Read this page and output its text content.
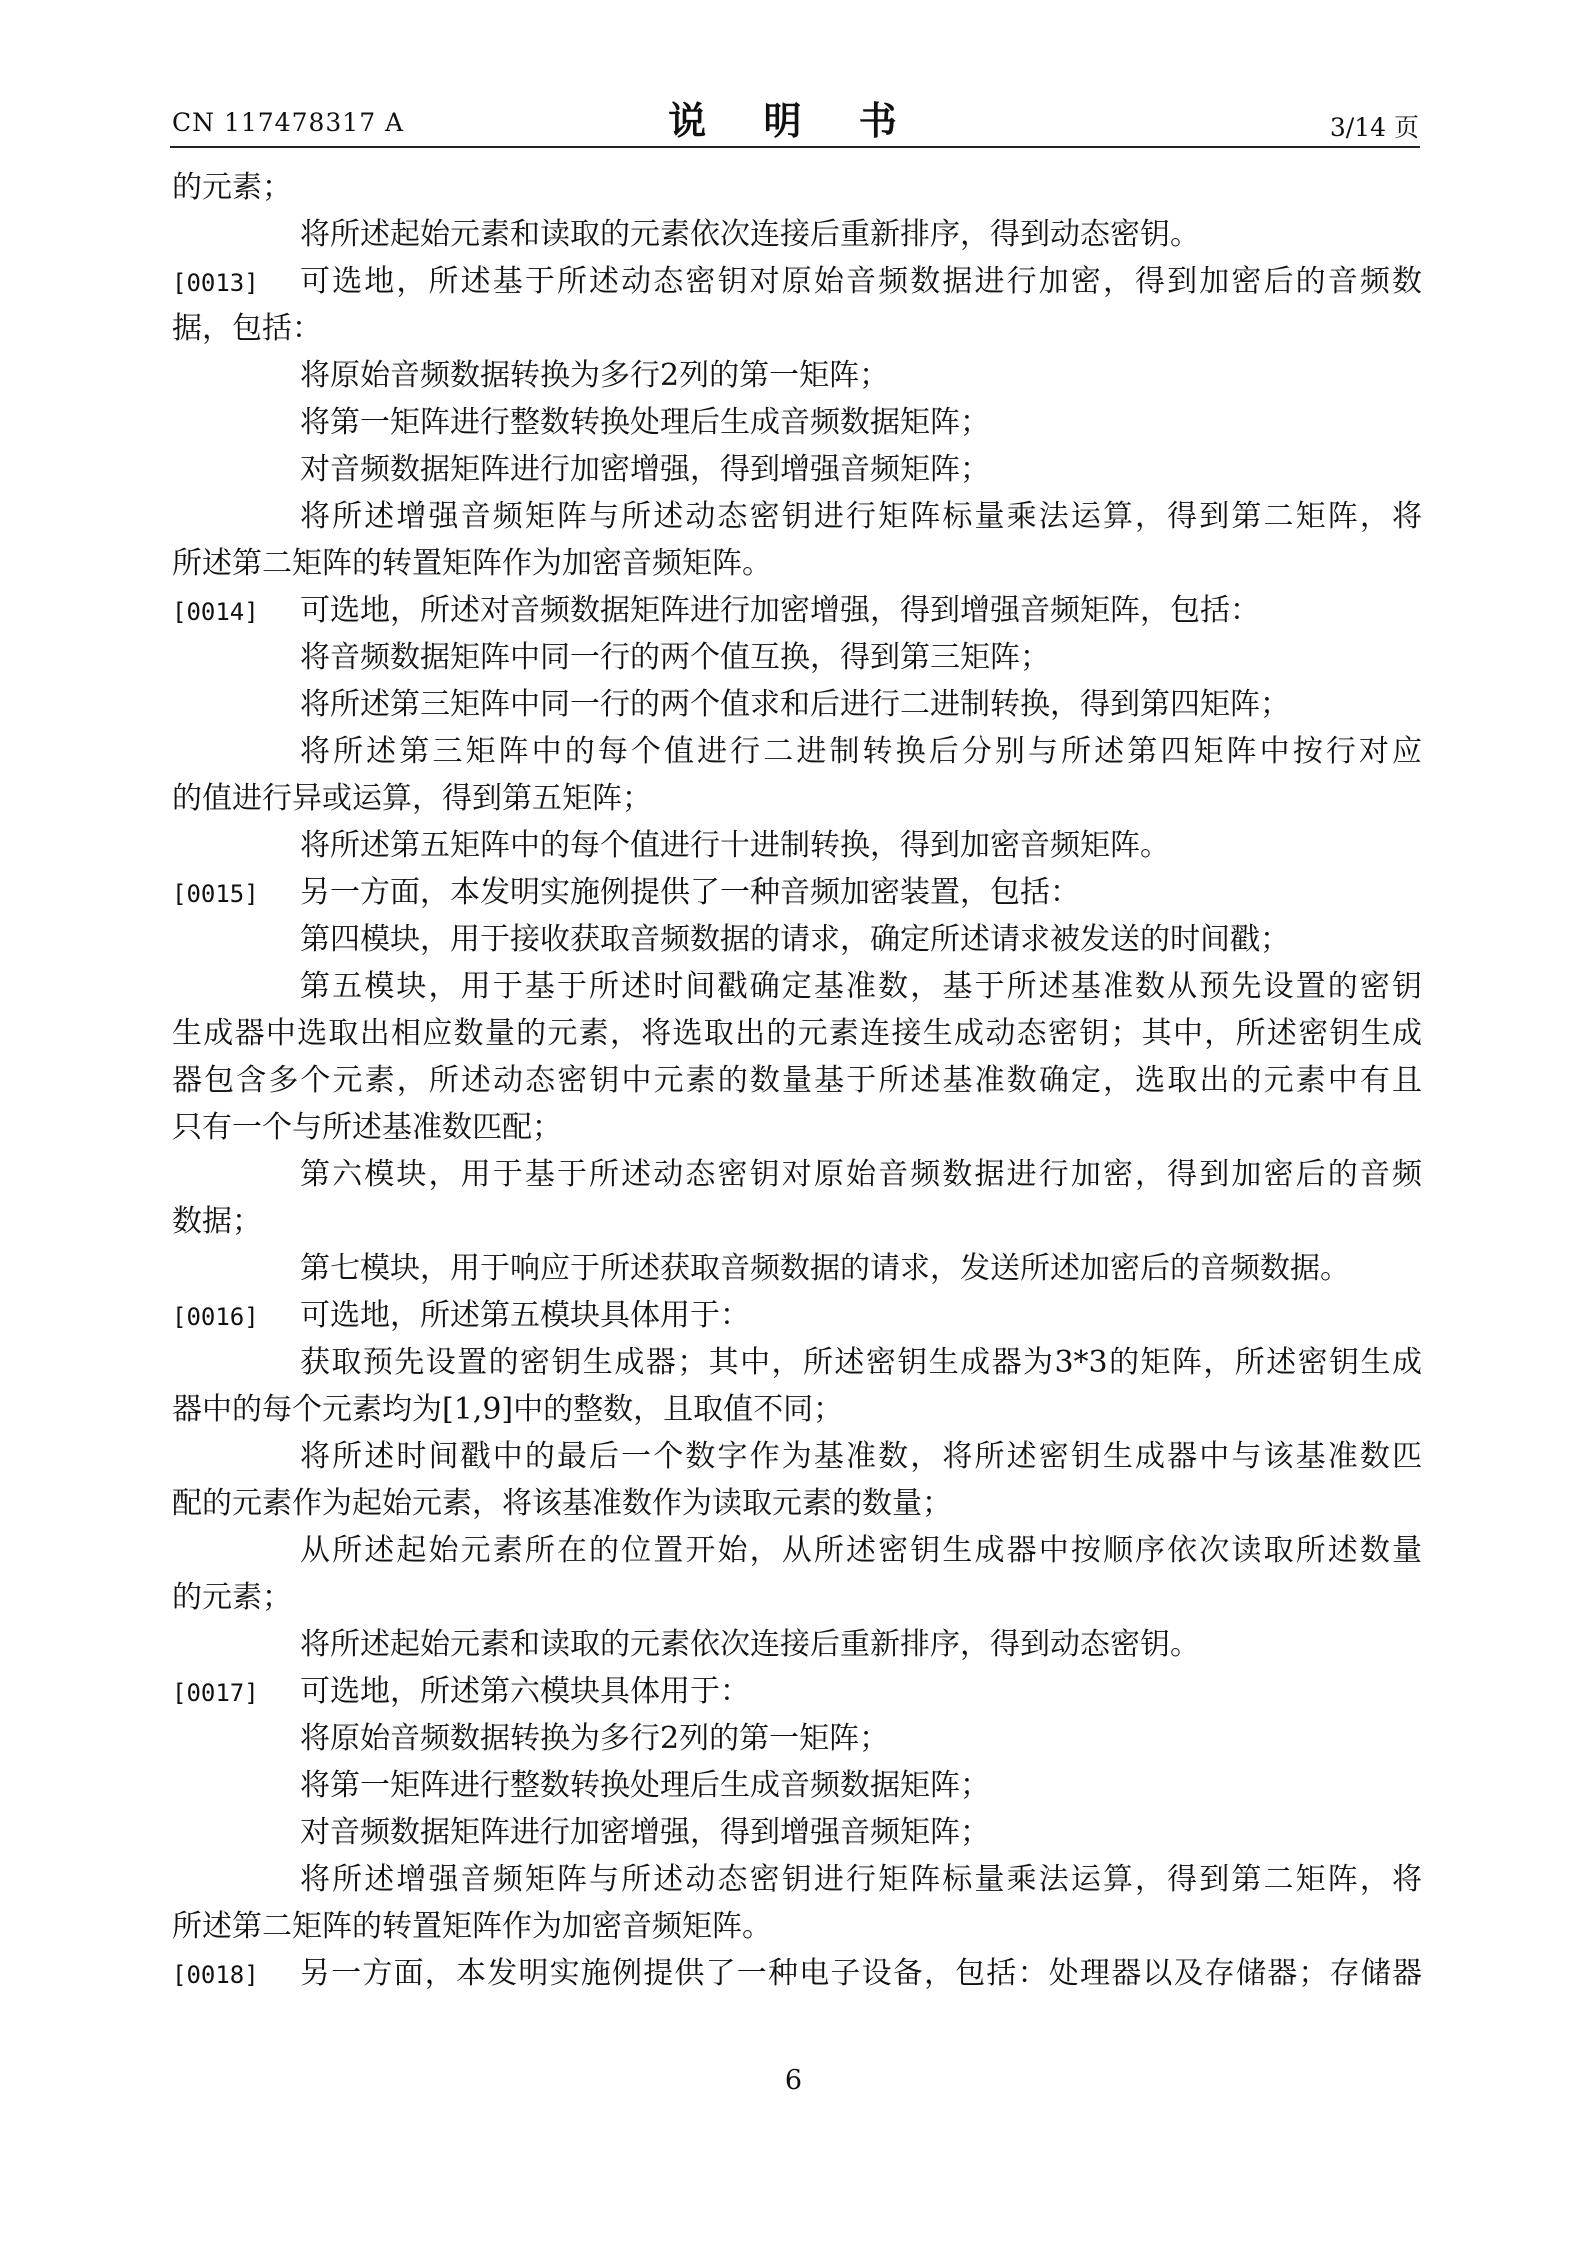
CN 117478317 A	说 明 书	3/14 页
的元素；
将所述起始元素和读取的元素依次连接后重新排序，得到动态密钥。
[0013]	可选地，所述基于所述动态密钥对原始音频数据进行加密，得到加密后的音频数
据，包括：
将原始音频数据转换为多行2列的第一矩阵；
将第一矩阵进行整数转换处理后生成音频数据矩阵；
对音频数据矩阵进行加密增强，得到增强音频矩阵；
将所述增强音频矩阵与所述动态密钥进行矩阵标量乘法运算，得到第二矩阵，将
所述第二矩阵的转置矩阵作为加密音频矩阵。
[0014]	可选地，所述对音频数据矩阵进行加密增强，得到增强音频矩阵，包括：
将音频数据矩阵中同一行的两个值互换，得到第三矩阵；
将所述第三矩阵中同一行的两个值求和后进行二进制转换，得到第四矩阵；
将所述第三矩阵中的每个值进行二进制转换后分别与所述第四矩阵中按行对应
的值进行异或运算，得到第五矩阵；
将所述第五矩阵中的每个值进行十进制转换，得到加密音频矩阵。
[0015]	另一方面，本发明实施例提供了一种音频加密装置，包括：
第四模块，用于接收获取音频数据的请求，确定所述请求被发送的时间戳；
第五模块，用于基于所述时间戳确定基准数，基于所述基准数从预先设置的密钥
生成器中选取出相应数量的元素，将选取出的元素连接生成动态密钥；其中，所述密钥生成
器包含多个元素，所述动态密钥中元素的数量基于所述基准数确定，选取出的元素中有且
只有一个与所述基准数匹配；
第六模块，用于基于所述动态密钥对原始音频数据进行加密，得到加密后的音频
数据；
第七模块，用于响应于所述获取音频数据的请求，发送所述加密后的音频数据。
[0016]	可选地，所述第五模块具体用于：
获取预先设置的密钥生成器；其中，所述密钥生成器为3*3的矩阵，所述密钥生成
器中的每个元素均为[1,9]中的整数，且取值不同；
将所述时间戳中的最后一个数字作为基准数，将所述密钥生成器中与该基准数匹
配的元素作为起始元素，将该基准数作为读取元素的数量；
从所述起始元素所在的位置开始，从所述密钥生成器中按顺序依次读取所述数量
的元素；
将所述起始元素和读取的元素依次连接后重新排序，得到动态密钥。
[0017]	可选地，所述第六模块具体用于：
将原始音频数据转换为多行2列的第一矩阵；
将第一矩阵进行整数转换处理后生成音频数据矩阵；
对音频数据矩阵进行加密增强，得到增强音频矩阵；
将所述增强音频矩阵与所述动态密钥进行矩阵标量乘法运算，得到第二矩阵，将
所述第二矩阵的转置矩阵作为加密音频矩阵。
[0018]	另一方面，本发明实施例提供了一种电子设备，包括：处理器以及存储器；存储器
6
